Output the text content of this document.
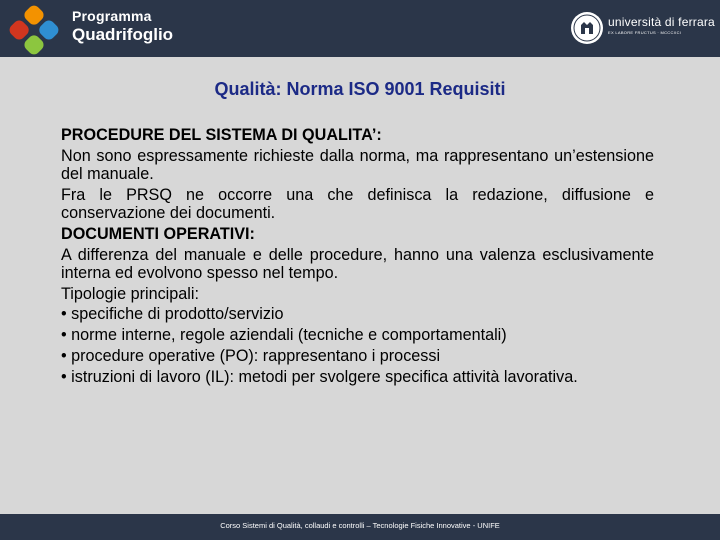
Programma
Quadrifoglio
università di ferrara
EX LABORE FRUCTUS · MCCCXCI
Qualità: Norma ISO 9001 Requisiti

PROCEDURE DEL SISTEMA DI QUALITA’:

Non sono espressamente richieste dalla norma, ma rappresentano un’estensione del manuale.

Fra le PRSQ ne occorre una che definisca la redazione, diffusione e conservazione dei documenti.

DOCUMENTI OPERATIVI:

A differenza del manuale e delle procedure, hanno una valenza esclusivamente interna ed evolvono spesso nel tempo.

Tipologie principali:

• specifiche di prodotto/servizio

• norme interne, regole aziendali (tecniche e comportamentali)

• procedure operative (PO): rappresentano i processi

• istruzioni di lavoro (IL): metodi per svolgere specifica attività lavorativa.

Corso Sistemi di Qualità, collaudi e controlli – Tecnologie Fisiche Innovative - UNIFE
